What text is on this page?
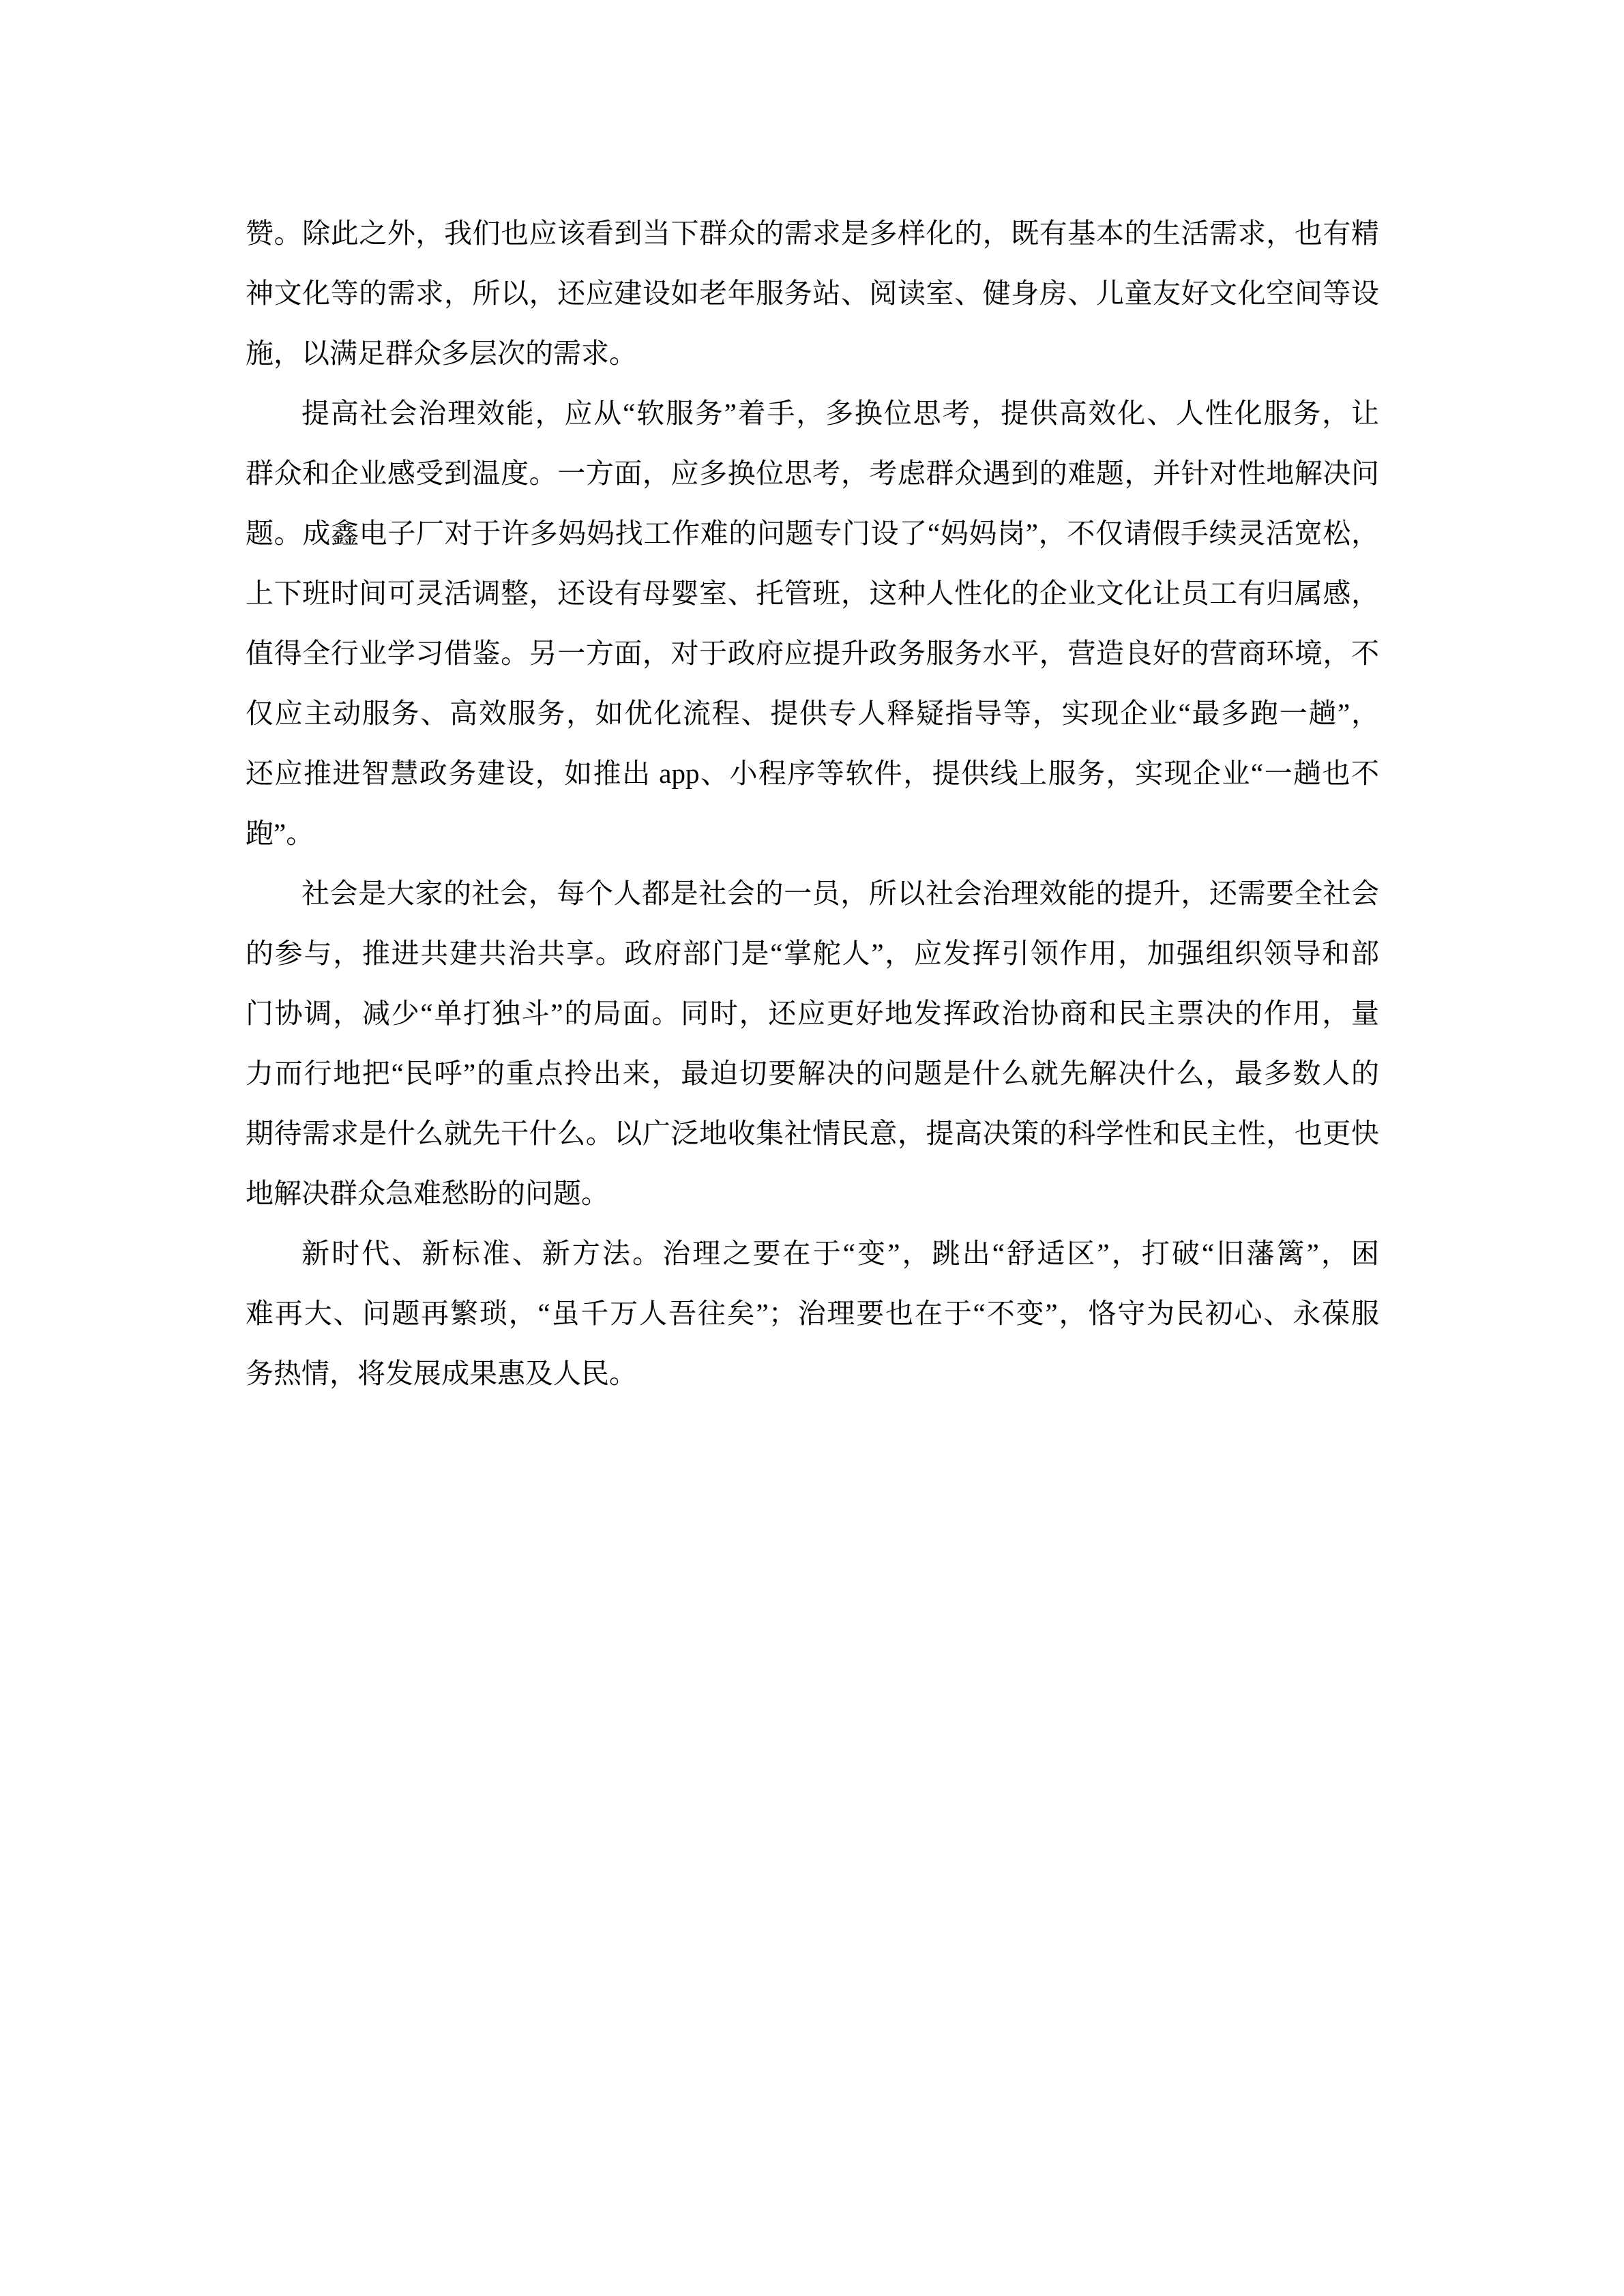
赞。除此之外，我们也应该看到当下群众的需求是多样化的，既有基本的生活需求，也有精

神文化等的需求，所以，还应建设如老年服务站、阅读室、健身房、儿童友好文化空间等设

施，以满足群众多层次的需求。

提高社会治理效能，应从“软服务”着手，多换位思考，提供高效化、人性化服务，让

群众和企业感受到温度。一方面，应多换位思考，考虑群众遇到的难题，并针对性地解决问

题。成鑫电子厂对于许多妈妈找工作难的问题专门设了“妈妈岗”，不仅请假手续灵活宽松，

上下班时间可灵活调整，还设有母婴室、托管班，这种人性化的企业文化让员工有归属感，

值得全行业学习借鉴。另一方面，对于政府应提升政务服务水平，营造良好的营商环境，不

仅应主动服务、高效服务，如优化流程、提供专人释疑指导等，实现企业“最多跑一趟”，

还应推进智慧政务建设，如推出 app、小程序等软件，提供线上服务，实现企业“一趟也不

跑”。

社会是大家的社会，每个人都是社会的一员，所以社会治理效能的提升，还需要全社会

的参与，推进共建共治共享。政府部门是“掌舵人”，应发挥引领作用，加强组织领导和部

门协调，减少“单打独斗”的局面。同时，还应更好地发挥政治协商和民主票决的作用，量

力而行地把“民呼”的重点拎出来，最迫切要解决的问题是什么就先解决什么，最多数人的

期待需求是什么就先干什么。以广泛地收集社情民意，提高决策的科学性和民主性，也更快

地解决群众急难愁盼的问题。

新时代、新标准、新方法。治理之要在于“变”，跳出“舒适区”，打破“旧藩篱”，困

难再大、问题再繁琐，“虽千万人吾往矣”；治理要也在于“不变”，恪守为民初心、永葆服

务热情，将发展成果惠及人民。
